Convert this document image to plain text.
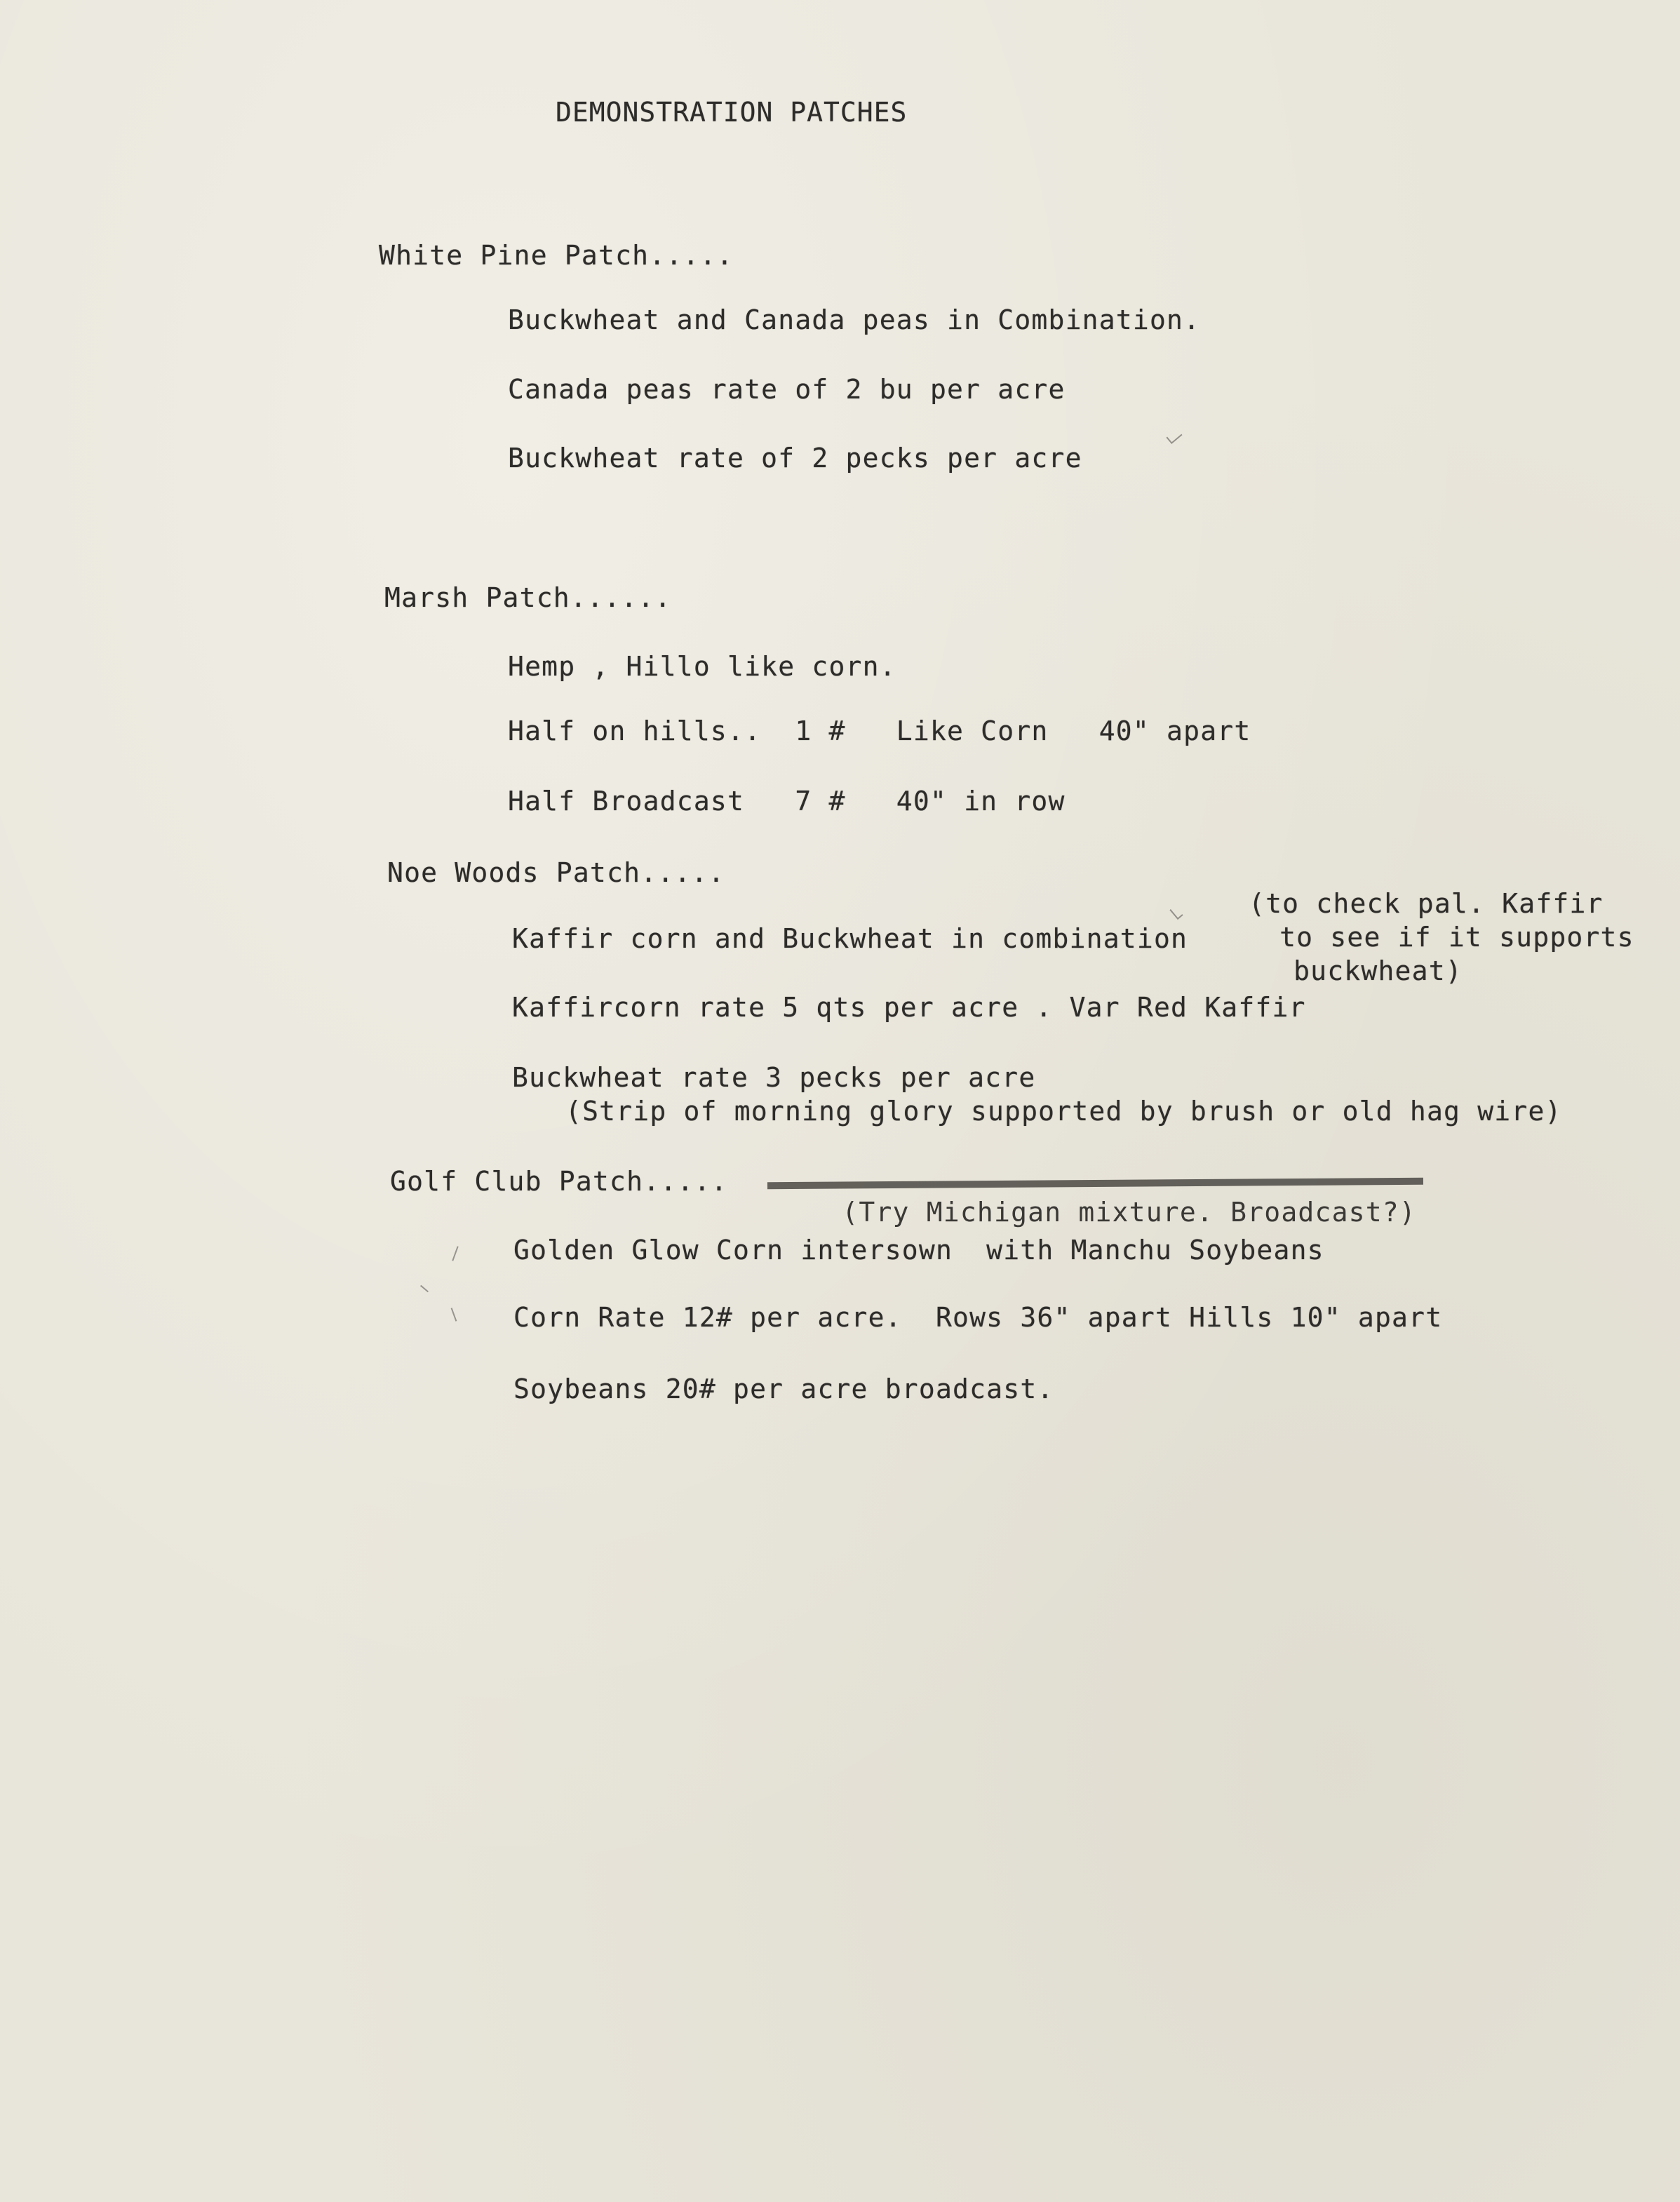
DEMONSTRATION PATCHES
White Pine Patch.....
Buckwheat and Canada peas in Combination.
Canada peas rate of 2 bu per acre
Buckwheat rate of 2 pecks per acre
Marsh Patch......
Hemp , Hillo like corn.
Half on hills..  1 #   Like Corn   40" apart
Half Broadcast   7 #   40" in row
Noe Woods Patch.....
(to check pal. Kaffir
to see if it supports
buckwheat)
Kaffir corn and Buckwheat in combination
Kaffircorn rate 5 qts per acre . Var Red Kaffir
Buckwheat rate 3 pecks per acre
(Strip of morning glory supported by brush or old hag wire)
Golf Club Patch.....

(Try Michigan mixture. Broadcast?)

Golden Glow Corn intersown  with Manchu Soybeans
Corn Rate 12# per acre.  Rows 36" apart Hills 10" apart
Soybeans 20# per acre broadcast.
